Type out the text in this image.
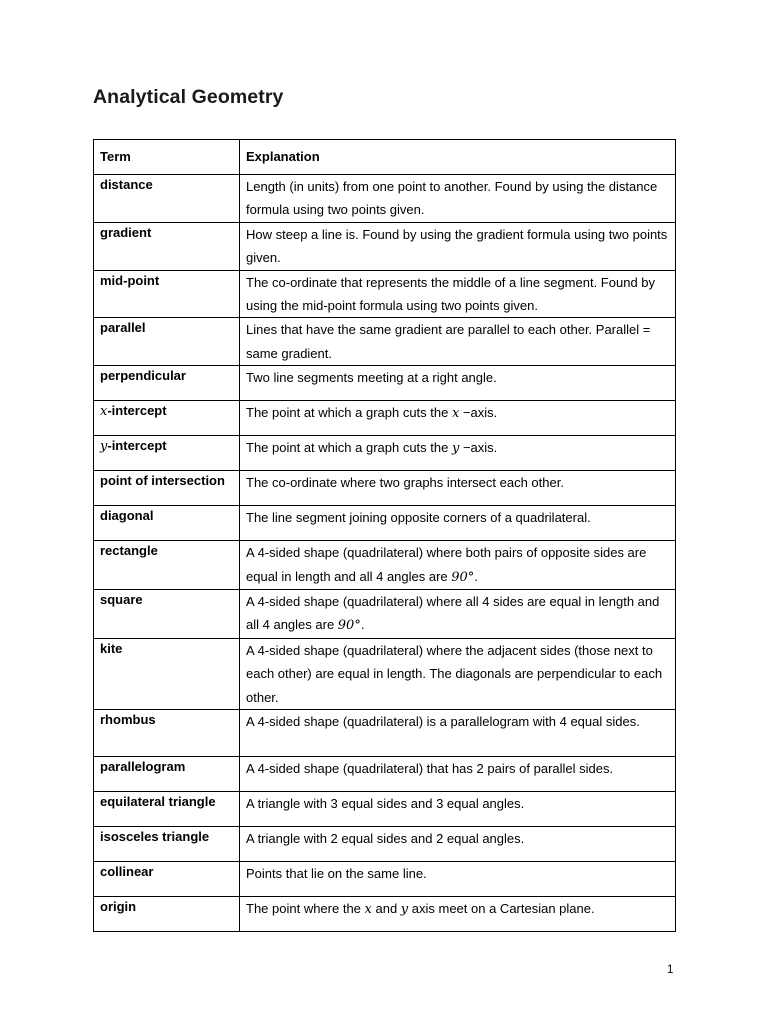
Analytical Geometry
Term	Explanation
distance	Length (in units) from one point to another. Found by using the distance formula using two points given.
gradient	How steep a line is. Found by using the gradient formula using two points given.
mid-point	The co-ordinate that represents the middle of a line segment. Found by using the mid-point formula using two points given.
parallel	Lines that have the same gradient are parallel to each other. Parallel = same gradient.
perpendicular	Two line segments meeting at a right angle.
x-intercept	The point at which a graph cuts the x −axis.
y-intercept	The point at which a graph cuts the y −axis.
point of intersection	The co-ordinate where two graphs intersect each other.
diagonal	The line segment joining opposite corners of a quadrilateral.
rectangle	A 4-sided shape (quadrilateral) where both pairs of opposite sides are equal in length and all 4 angles are 90°.
square	A 4-sided shape (quadrilateral) where all 4 sides are equal in length and all 4 angles are 90°.
kite	A 4-sided shape (quadrilateral) where the adjacent sides (those next to each other) are equal in length. The diagonals are perpendicular to each other.
rhombus	A 4-sided shape (quadrilateral) is a parallelogram with 4 equal sides.
parallelogram	A 4-sided shape (quadrilateral) that has 2 pairs of parallel sides.
equilateral triangle	A triangle with 3 equal sides and 3 equal angles.
isosceles triangle	A triangle with 2 equal sides and 2 equal angles.
collinear	Points that lie on the same line.
origin	The point where the x and y axis meet on a Cartesian plane.
1
